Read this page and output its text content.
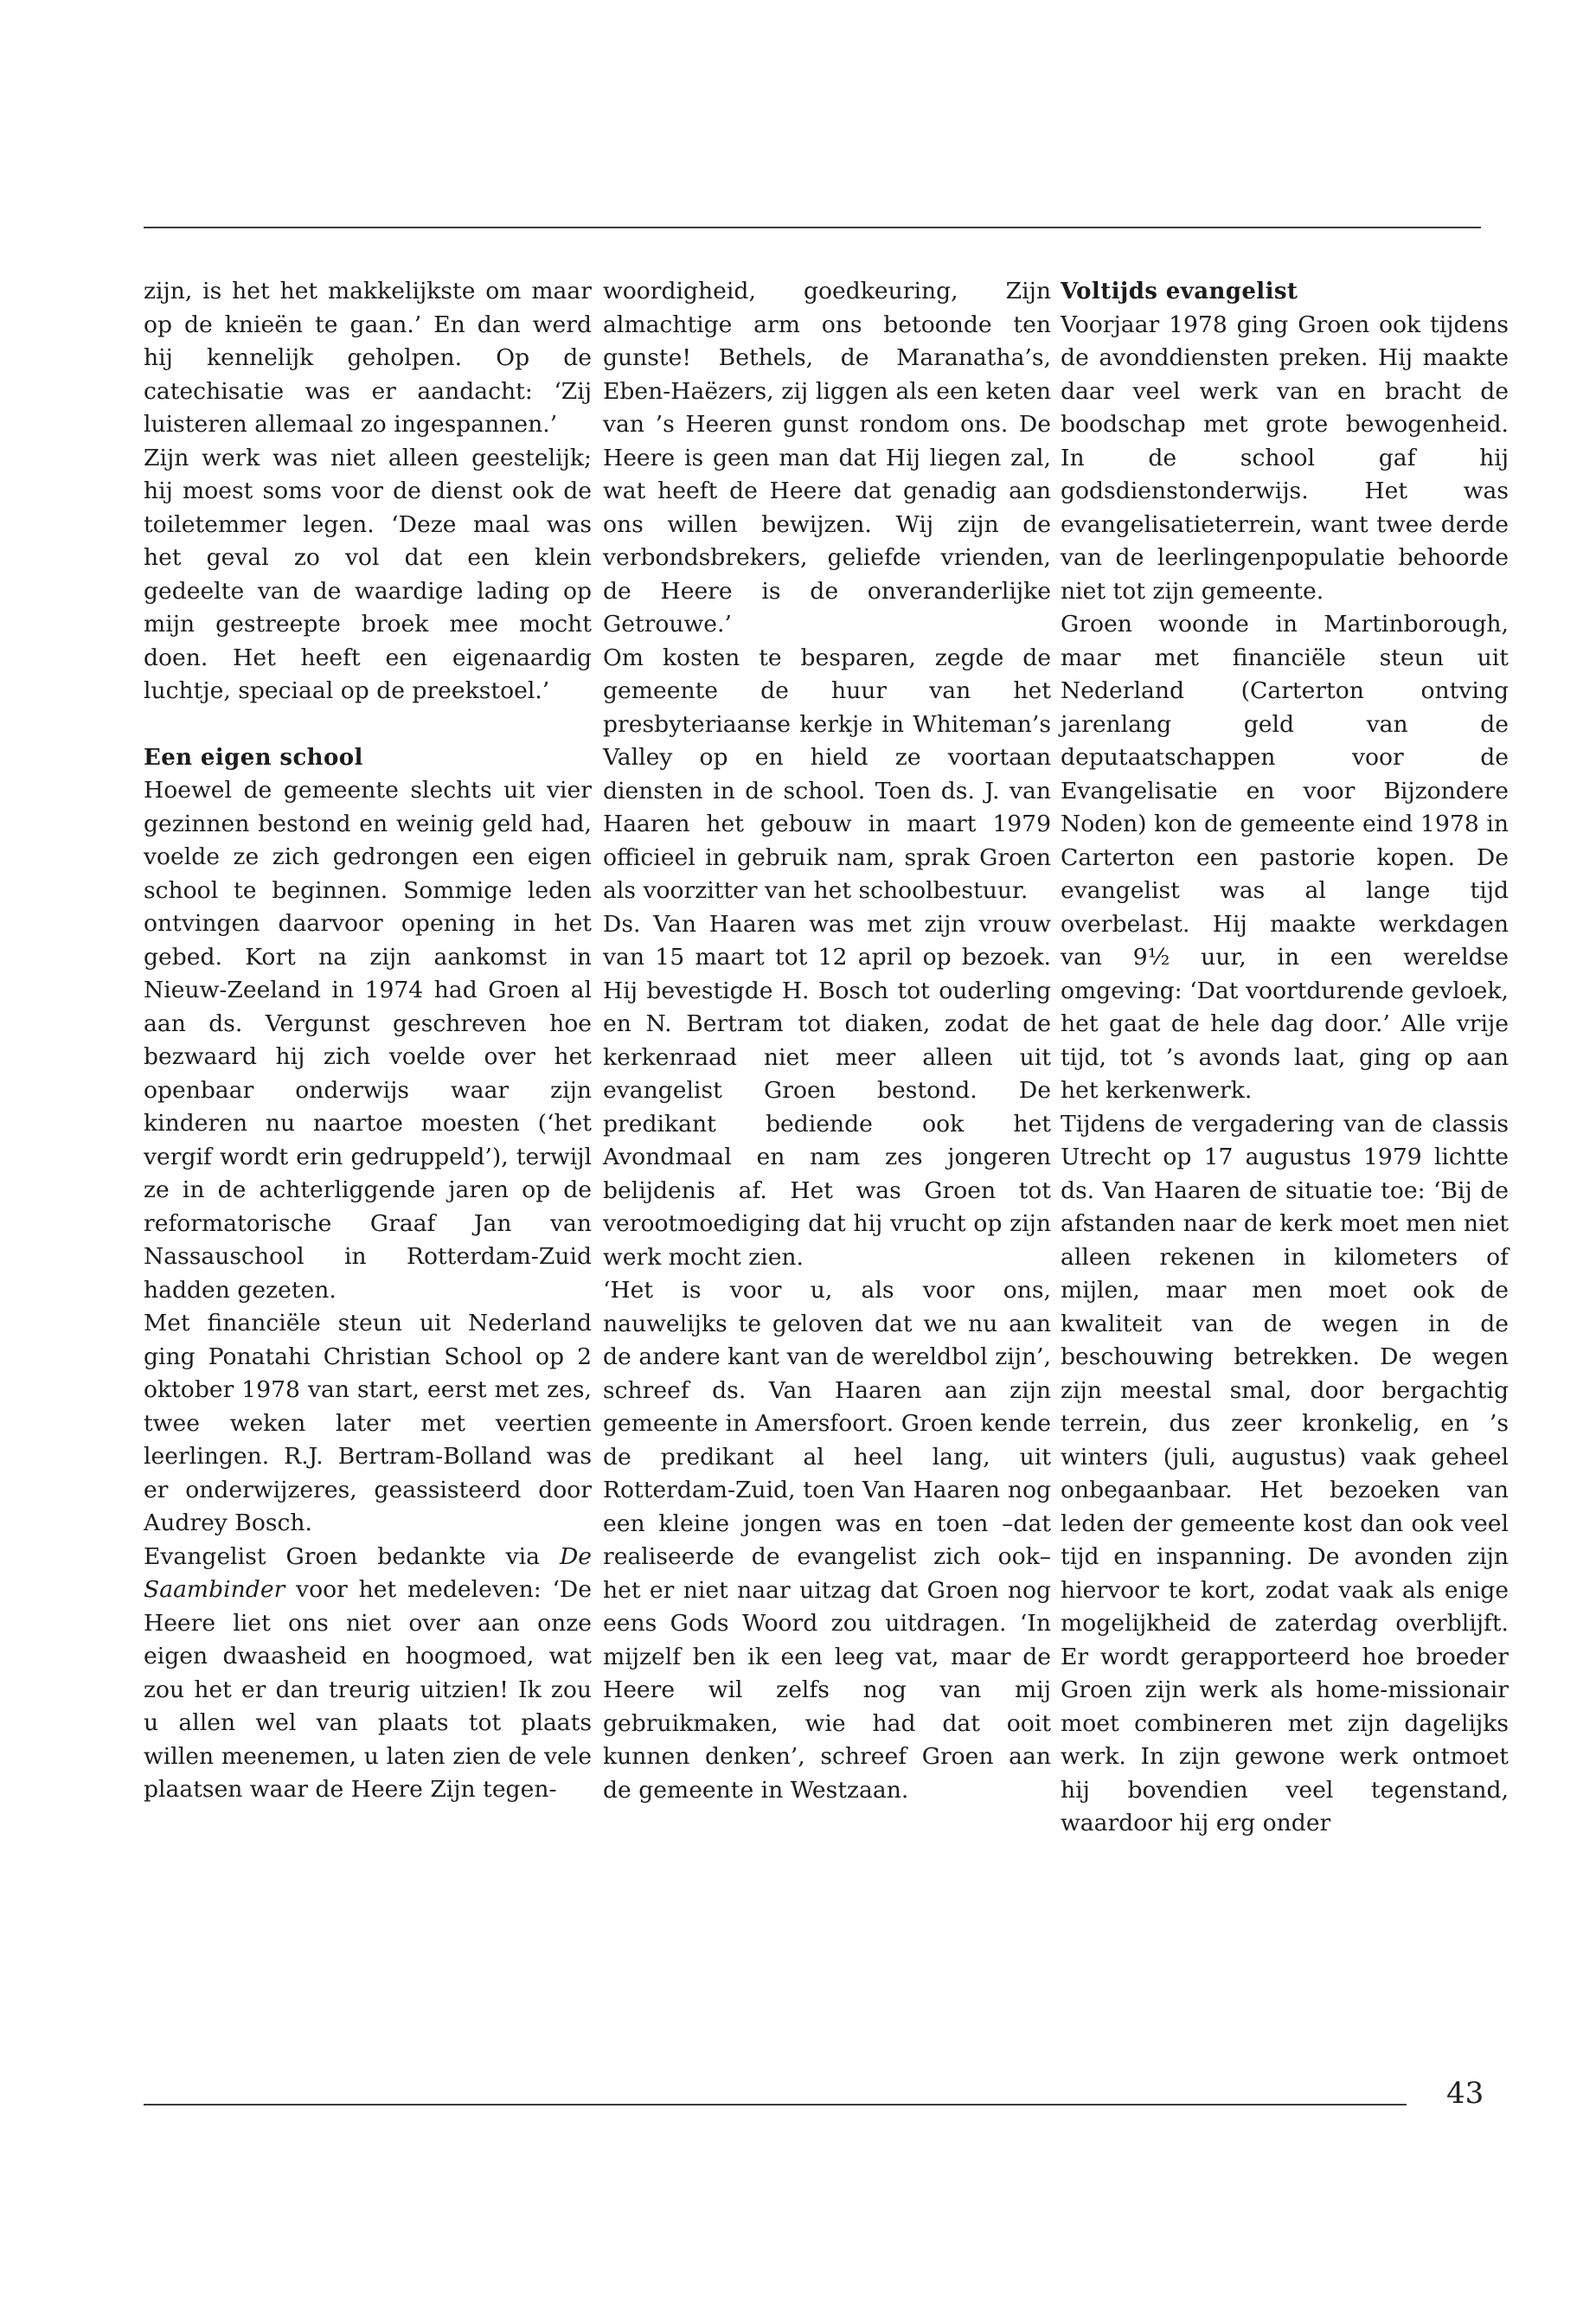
zijn, is het het makkelijkste om maar op de knieën te gaan.’ En dan werd hij kennelijk geholpen. Op de catechisatie was er aandacht: ‘Zij luisteren allemaal zo ingespannen.’

Zijn werk was niet alleen geestelijk; hij moest soms voor de dienst ook de toiletemmer legen. ‘Deze maal was het geval zo vol dat een klein gedeelte van de waardige lading op mijn gestreepte broek mee mocht doen. Het heeft een eigenaardig luchtje, speciaal op de preekstoel.’

Een eigen school

Hoewel de gemeente slechts uit vier gezinnen bestond en weinig geld had, voelde ze zich gedrongen een eigen school te beginnen. Sommige leden ontvingen daarvoor opening in het gebed. Kort na zijn aankomst in Nieuw-Zeeland in 1974 had Groen al aan ds. Vergunst geschreven hoe bezwaard hij zich voelde over het openbaar onderwijs waar zijn kinderen nu naartoe moesten (‘het vergif wordt erin gedruppeld’), terwijl ze in de achterliggende jaren op de reformatorische Graaf Jan van Nassauschool in Rotterdam-Zuid hadden gezeten.

Met financiële steun uit Nederland ging Ponatahi Christian School op 2 oktober 1978 van start, eerst met zes, twee weken later met veertien leerlingen. R.J. Bertram-Bolland was er onderwijzeres, geassisteerd door Audrey Bosch.

Evangelist Groen bedankte via De Saambinder voor het medeleven: ‘De Heere liet ons niet over aan onze eigen dwaasheid en hoogmoed, wat zou het er dan treurig uitzien! Ik zou u allen wel van plaats tot plaats willen meenemen, u laten zien de vele plaatsen waar de Heere Zijn tegen-

woordigheid, goedkeuring, Zijn almachtige arm ons betoonde ten gunste! Bethels, de Maranatha’s, Eben-Haëzers, zij liggen als een keten van ’s Heeren gunst rondom ons. De Heere is geen man dat Hij liegen zal, wat heeft de Heere dat genadig aan ons willen bewijzen. Wij zijn de verbondsbrekers, geliefde vrienden, de Heere is de onveranderlijke Getrouwe.’

Om kosten te besparen, zegde de gemeente de huur van het presbyteriaanse kerkje in Whiteman’s Valley op en hield ze voortaan diensten in de school. Toen ds. J. van Haaren het gebouw in maart 1979 officieel in gebruik nam, sprak Groen als voorzitter van het schoolbestuur.

Ds. Van Haaren was met zijn vrouw van 15 maart tot 12 april op bezoek. Hij bevestigde H. Bosch tot ouderling en N. Bertram tot diaken, zodat de kerkenraad niet meer alleen uit evangelist Groen bestond. De predikant bediende ook het Avondmaal en nam zes jongeren belijdenis af. Het was Groen tot verootmoediging dat hij vrucht op zijn werk mocht zien.

‘Het is voor u, als voor ons, nauwelijks te geloven dat we nu aan de andere kant van de wereldbol zijn’, schreef ds. Van Haaren aan zijn gemeente in Amersfoort. Groen kende de predikant al heel lang, uit Rotterdam-Zuid, toen Van Haaren nog een kleine jongen was en toen –dat realiseerde de evangelist zich ook– het er niet naar uitzag dat Groen nog eens Gods Woord zou uitdragen. ‘In mijzelf ben ik een leeg vat, maar de Heere wil zelfs nog van mij gebruikmaken, wie had dat ooit kunnen denken’, schreef Groen aan de gemeente in Westzaan.

Voltijds evangelist

Voorjaar 1978 ging Groen ook tijdens de avonddiensten preken. Hij maakte daar veel werk van en bracht de boodschap met grote bewogenheid. In de school gaf hij godsdienstonderwijs. Het was evangelisatieterrein, want twee derde van de leerlingenpopulatie behoorde niet tot zijn gemeente.

Groen woonde in Martinborough, maar met financiële steun uit Nederland (Carterton ontving jarenlang geld van de deputaatschappen voor de Evangelisatie en voor Bijzondere Noden) kon de gemeente eind 1978 in Carterton een pastorie kopen. De evangelist was al lange tijd overbelast. Hij maakte werkdagen van 9½ uur, in een wereldse omgeving: ‘Dat voortdurende gevloek, het gaat de hele dag door.’ Alle vrije tijd, tot ’s avonds laat, ging op aan het kerkenwerk.

Tijdens de vergadering van de classis Utrecht op 17 augustus 1979 lichtte ds. Van Haaren de situatie toe: ‘Bij de afstanden naar de kerk moet men niet alleen rekenen in kilometers of mijlen, maar men moet ook de kwaliteit van de wegen in de beschouwing betrekken. De wegen zijn meestal smal, door bergachtig terrein, dus zeer kronkelig, en ’s winters (juli, augustus) vaak geheel onbegaanbaar. Het bezoeken van leden der gemeente kost dan ook veel tijd en inspanning. De avonden zijn hiervoor te kort, zodat vaak als enige mogelijkheid de zaterdag overblijft. Er wordt gerapporteerd hoe broeder Groen zijn werk als home-missionair moet combineren met zijn dagelijks werk. In zijn gewone werk ontmoet hij bovendien veel tegenstand, waardoor hij erg onder

43
